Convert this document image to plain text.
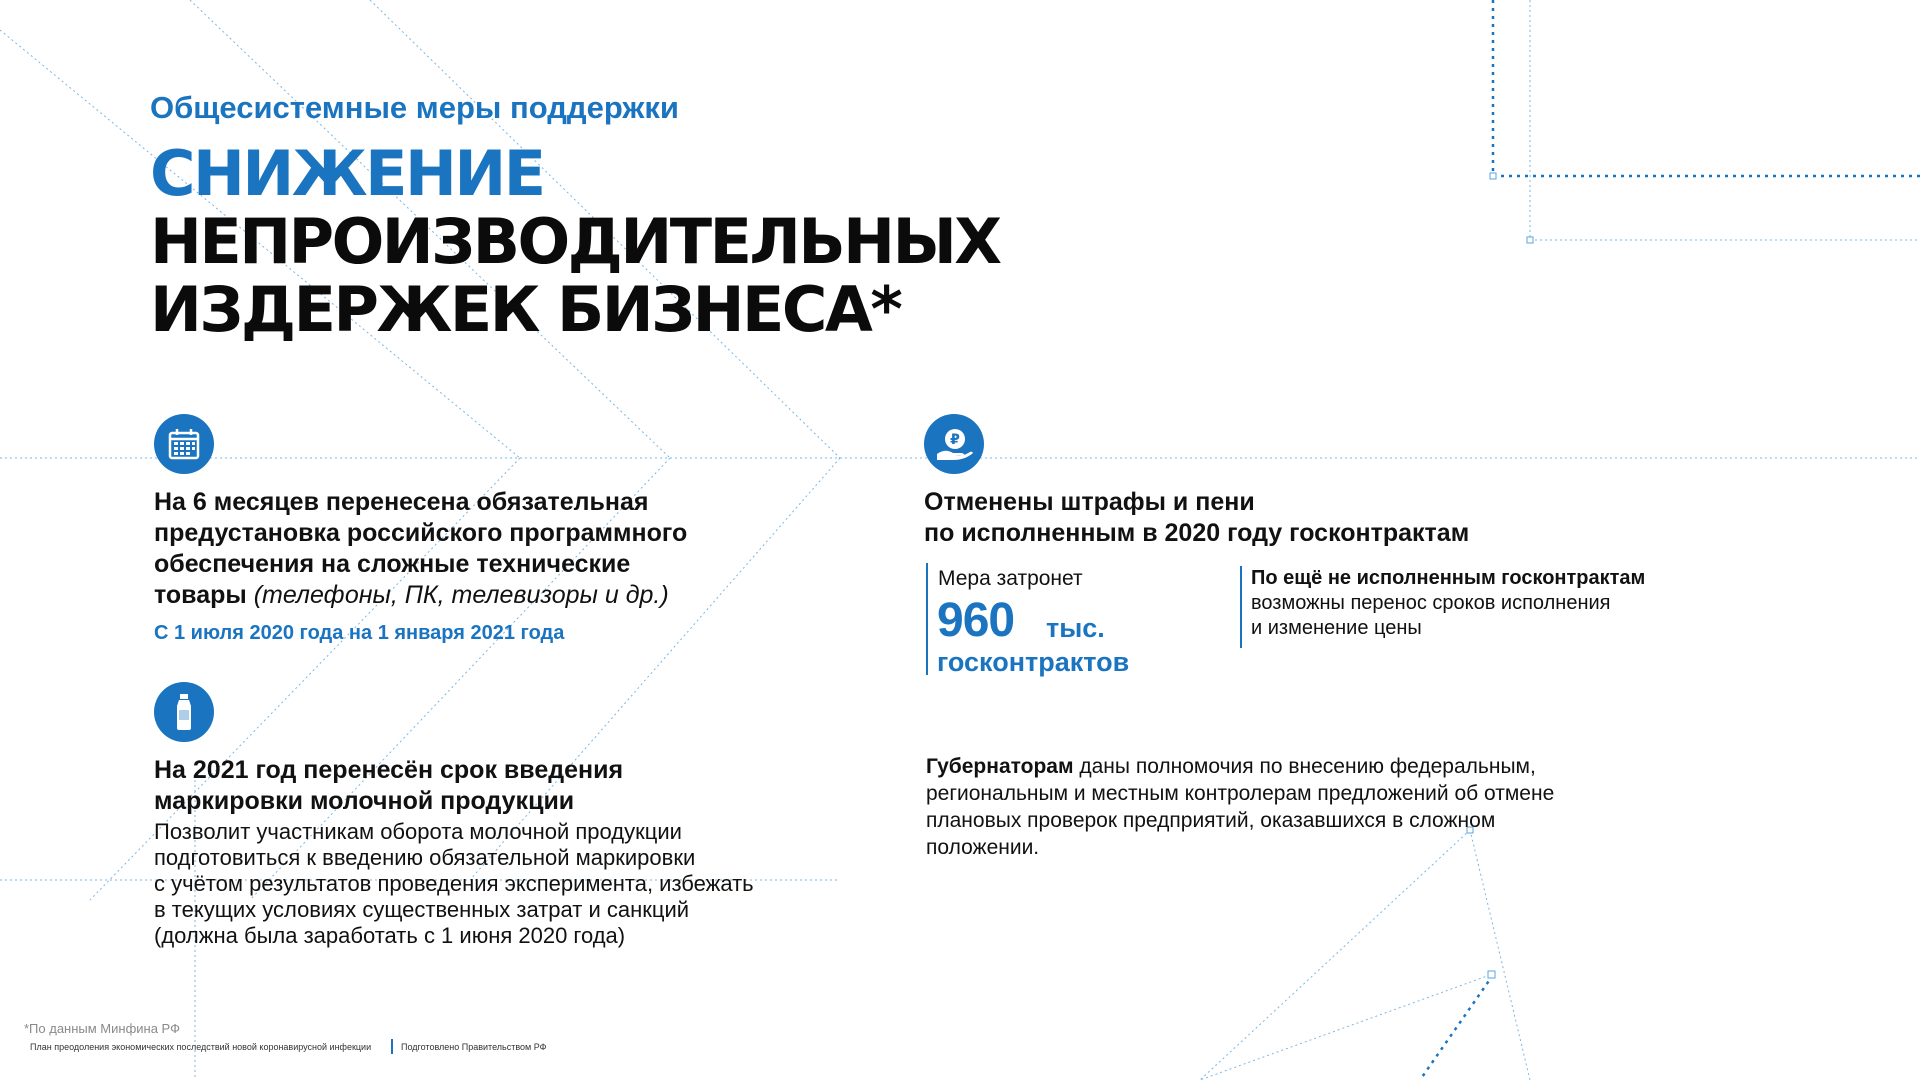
Общесистемные меры поддержки
СНИЖЕНИЕ
НЕПРОИЗВОДИТЕЛЬНЫХ
ИЗДЕРЖЕК БИЗНЕСА*
На 6 месяцев перенесена обязательная
предустановка российского программного
обеспечения на сложные технические
товары (телефоны, ПК, телевизоры и др.)
С 1 июля 2020 года на 1 января 2021 года
На 2021 год перенесён срок введения
маркировки молочной продукции
Позволит участникам оборота молочной продукции
подготовиться к введению обязательной маркировки
с учётом результатов проведения эксперимента, избежать
в текущих условиях существенных затрат и санкций
(должна была заработать с 1 июня 2020 года)
₽
Отменены штрафы и пени
по исполненным в 2020 году госконтрактам
Мера затронет
960 тыс.
госконтрактов
По ещё не исполненным госконтрактам
возможны перенос сроков исполнения
и изменение цены
Губернаторам даны полномочия по внесению федеральным, региональным и местным контролерам предложений об отмене плановых проверок предприятий, оказавшихся в сложном положении.
*По данным Минфина РФ
План преодоления экономических последствий новой коронавирусной инфекции	Подготовлено Правительством РФ
